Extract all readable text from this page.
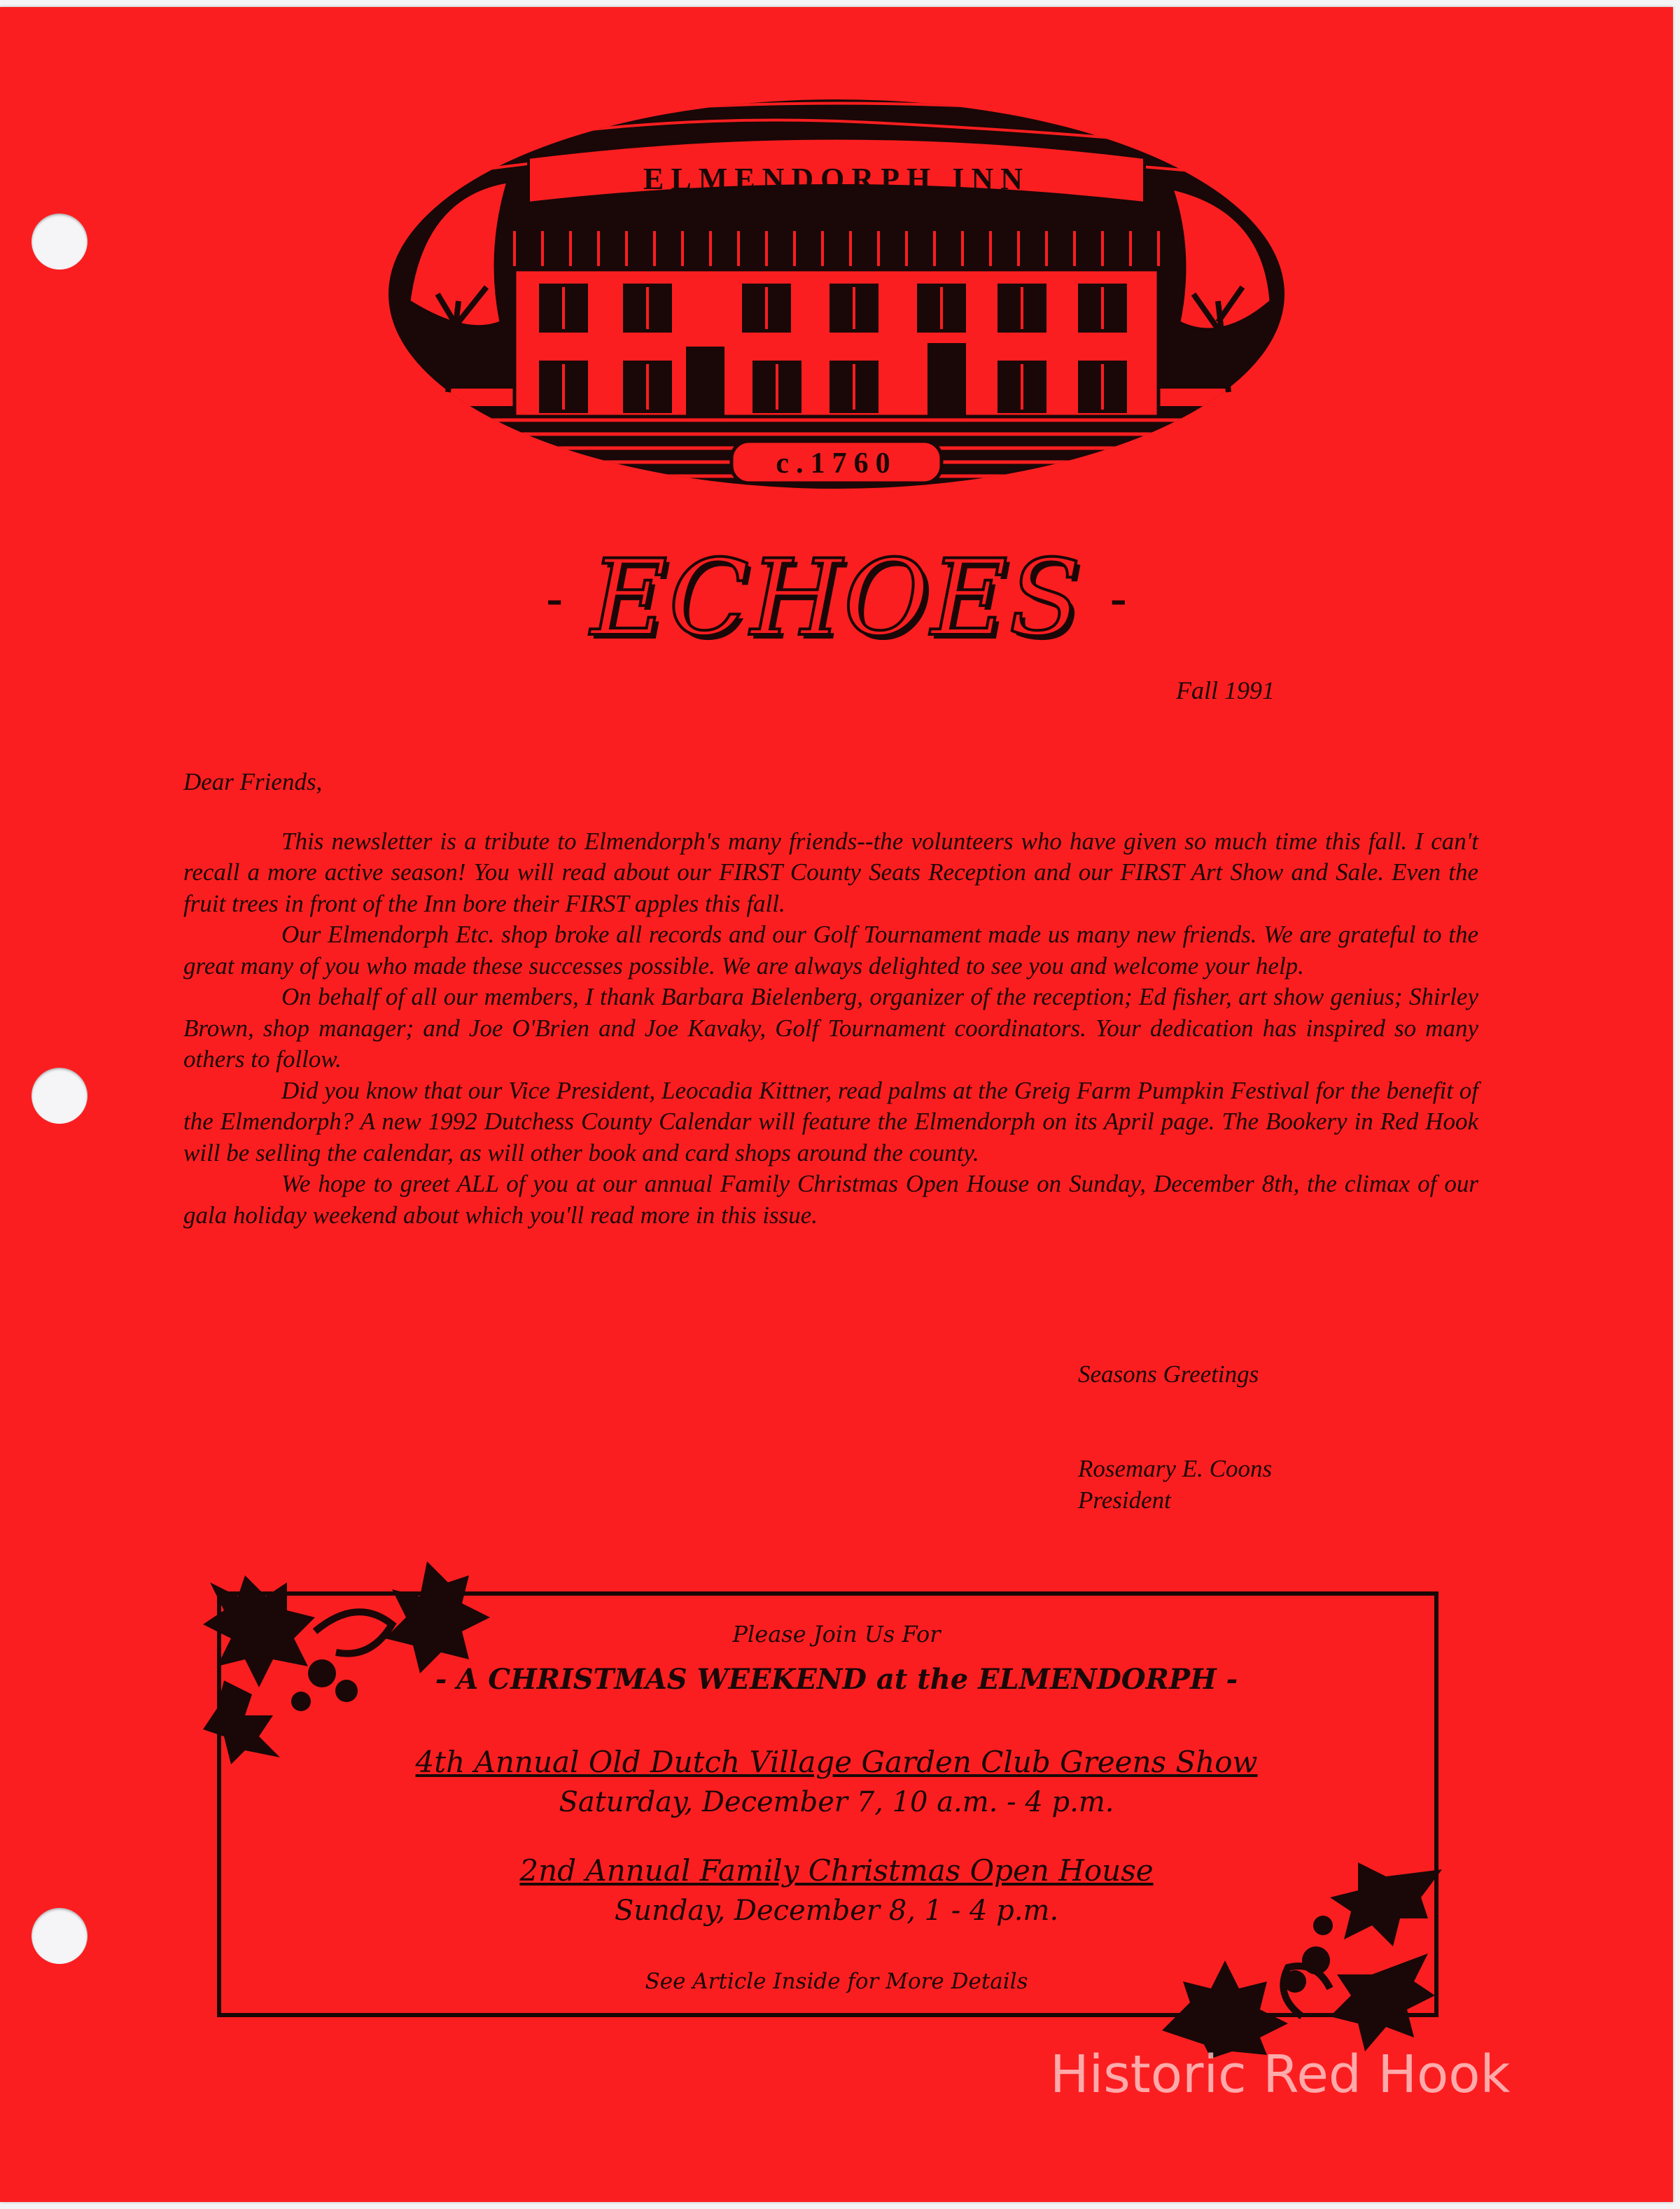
ELMENDORPH INN
c.1760
- ECHOES -
Fall 1991
Dear Friends,

This newsletter is a tribute to Elmendorph's many friends--the volunteers who have given so much time this fall. I can't recall a more active season! You will read about our FIRST County Seats Reception and our FIRST Art Show and Sale. Even the fruit trees in front of the Inn bore their FIRST apples this fall.

Our Elmendorph Etc. shop broke all records and our Golf Tournament made us many new friends. We are grateful to the great many of you who made these successes possible. We are always delighted to see you and welcome your help.

On behalf of all our members, I thank Barbara Bielenberg, organizer of the reception; Ed fisher, art show genius; Shirley Brown, shop manager; and Joe O'Brien and Joe Kavaky, Golf Tournament coordinators. Your dedication has inspired so many others to follow.

Did you know that our Vice President, Leocadia Kittner, read palms at the Greig Farm Pumpkin Festival for the benefit of the Elmendorph? A new 1992 Dutchess County Calendar will feature the Elmendorph on its April page. The Bookery in Red Hook will be selling the calendar, as will other book and card shops around the county.

We hope to greet ALL of you at our annual Family Christmas Open House on Sunday, December 8th, the climax of our gala holiday weekend about which you'll read more in this issue.

Seasons Greetings
Rosemary E. Coons
President
Please Join Us For
- A CHRISTMAS WEEKEND at the ELMENDORPH -
4th Annual Old Dutch Village Garden Club Greens Show
Saturday, December 7, 10 a.m. - 4 p.m.
2nd Annual Family Christmas Open House
Sunday, December 8, 1 - 4 p.m.
See Article Inside for More Details
Historic Red Hook
